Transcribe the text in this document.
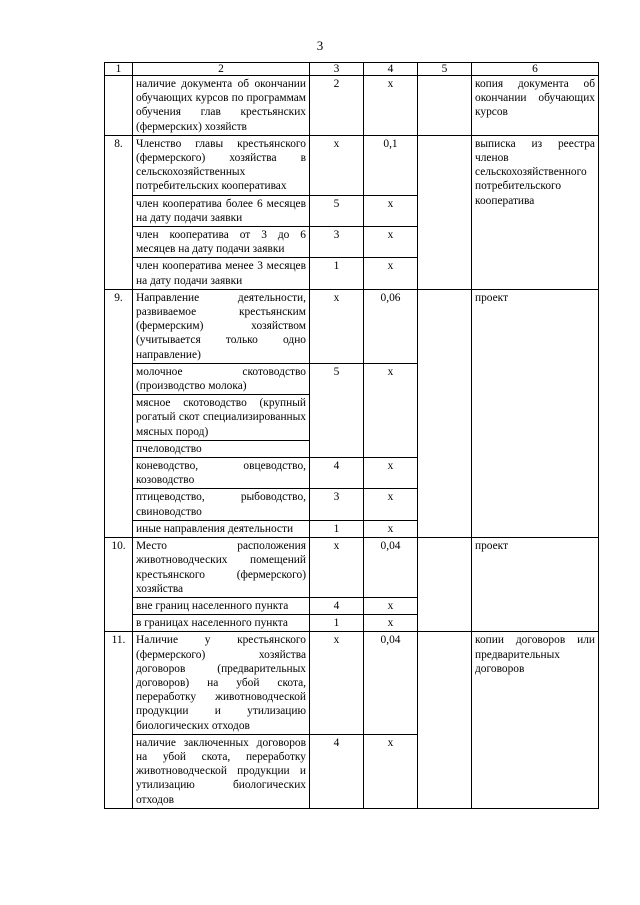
3
1	2	3	4	5	6
	наличие документа об окончании обучающих курсов по программам обучения глав крестьянских (фермерских) хозяйств	2	x		копия документа об окончании обучающих курсов
8.	Членство главы крестьянского (фермерского) хозяйства в сельскохозяйственных потребительских кооперативах	x	0,1		выписка из реестра членов сельскохозяйственного потребительского кооператива
	член кооператива более 6 месяцев на дату подачи заявки	5	x		
	член кооператива от 3 до 6 месяцев на дату подачи заявки	3	x		
	член кооператива менее 3 месяцев на дату подачи заявки	1	x		
9.	Направление деятельности, развиваемое крестьянским (фермерским) хозяйством (учитывается только одно направление)	x	0,06		проект
	молочное скотоводство (производство молока)	5	x		
	мясное скотоводство (крупный рогатый скот специализированных мясных пород)				
	пчеловодство				
	коневодство, овцеводство, козоводство	4	x		
	птицеводство, рыбоводство, свиноводство	3	x		
	иные направления деятельности	1	x		
10.	Место расположения животноводческих помещений крестьянского (фермерского) хозяйства	x	0,04		проект
	вне границ населенного пункта	4	x		
	в границах населенного пункта	1	x		
11.	Наличие у крестьянского (фермерского) хозяйства договоров (предварительных договоров) на убой скота, переработку животноводческой продукции и утилизацию биологических отходов	x	0,04		копии договоров или предварительных договоров
	наличие заключенных договоров на убой скота, переработку животноводческой продукции и утилизацию биологических отходов	4	x		
